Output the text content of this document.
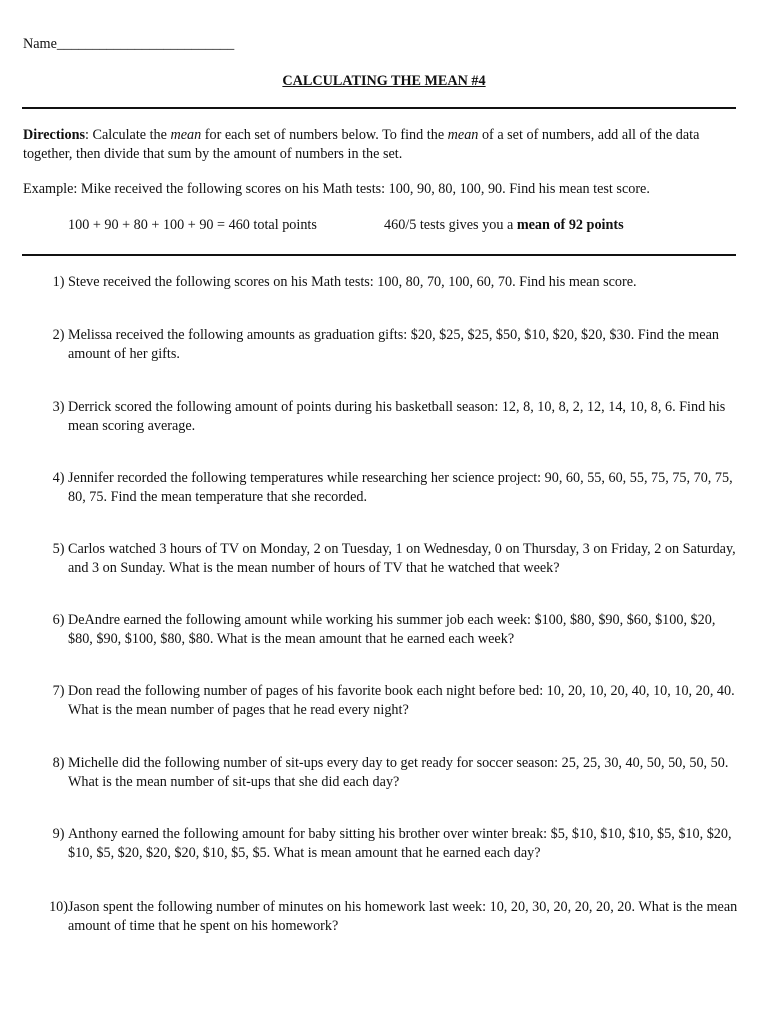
Name_________________________
CALCULATING THE MEAN #4
Directions: Calculate the mean for each set of numbers below. To find the mean of a set of numbers, add all of the data together, then divide that sum by the amount of numbers in the set.
Example: Mike received the following scores on his Math tests: 100, 90, 80, 100, 90. Find his mean test score.
100 + 90 + 80 + 100 + 90 = 460 total points	460/5 tests gives you a mean of 92 points
1) Steve received the following scores on his Math tests: 100, 80, 70, 100, 60, 70. Find his mean score.
2) Melissa received the following amounts as graduation gifts: $20, $25, $25, $50, $10, $20, $20, $30. Find the mean amount of her gifts.
3) Derrick scored the following amount of points during his basketball season: 12, 8, 10, 8, 2, 12, 14, 10, 8, 6. Find his mean scoring average.
4) Jennifer recorded the following temperatures while researching her science project: 90, 60, 55, 60, 55, 75, 75, 70, 75, 80, 75. Find the mean temperature that she recorded.
5) Carlos watched 3 hours of TV on Monday, 2 on Tuesday, 1 on Wednesday, 0 on Thursday, 3 on Friday, 2 on Saturday, and 3 on Sunday. What is the mean number of hours of TV that he watched that week?
6) DeAndre earned the following amount while working his summer job each week: $100, $80, $90, $60, $100, $20, $80, $90, $100, $80, $80. What is the mean amount that he earned each week?
7) Don read the following number of pages of his favorite book each night before bed: 10, 20, 10, 20, 40, 10, 10, 20, 40. What is the mean number of pages that he read every night?
8) Michelle did the following number of sit-ups every day to get ready for soccer season: 25, 25, 30, 40, 50, 50, 50, 50. What is the mean number of sit-ups that she did each day?
9) Anthony earned the following amount for baby sitting his brother over winter break: $5, $10, $10, $10, $5, $10, $20, $10, $5, $20, $20, $20, $10, $5, $5. What is mean amount that he earned each day?
10) Jason spent the following number of minutes on his homework last week: 10, 20, 30, 20, 20, 20, 20. What is the mean amount of time that he spent on his homework?
